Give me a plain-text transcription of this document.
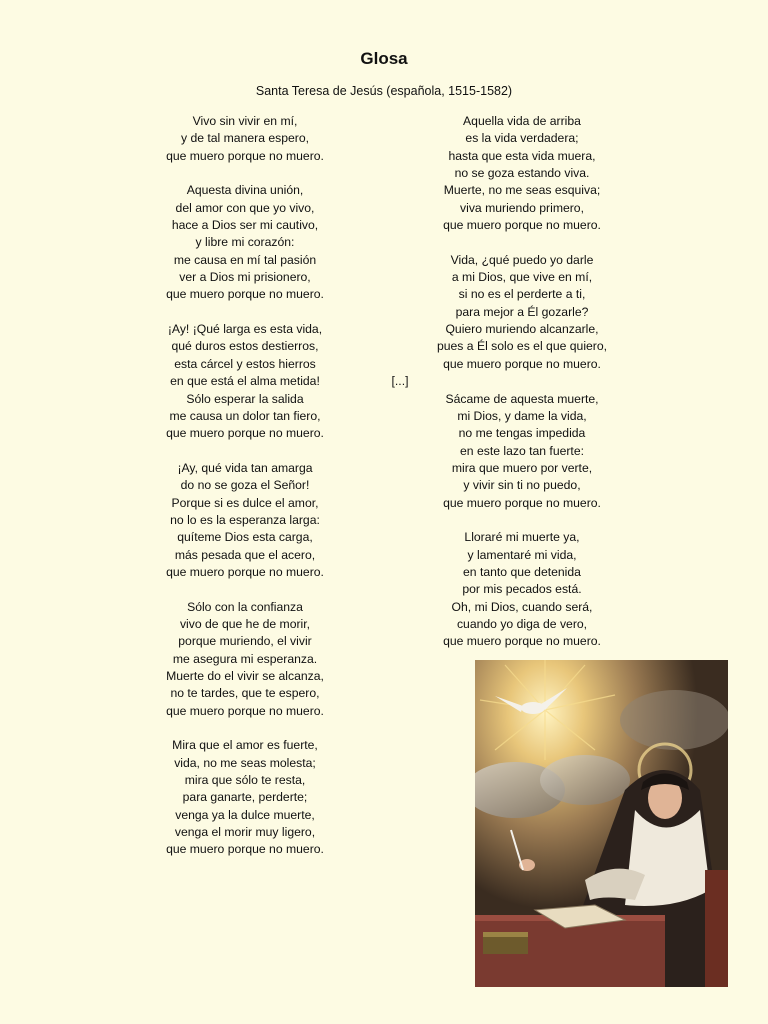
Glosa
Santa Teresa de Jesús (española, 1515-1582)
Vivo sin vivir en mí,
y de tal manera espero,
que muero porque no muero.
Aquesta divina unión,
del amor con que yo vivo,
hace a Dios ser mi cautivo,
y libre mi corazón:
me causa en mí tal pasión
ver a Dios mi prisionero,
que muero porque no muero.
¡Ay! ¡Qué larga es esta vida,
qué duros estos destierros,
esta cárcel y estos hierros
en que está el alma metida!
Sólo esperar la salida
me causa un dolor tan fiero,
que muero porque no muero.
¡Ay, qué vida tan amarga
do no se goza el Señor!
Porque si es dulce el amor,
no lo es la esperanza larga:
quíteme Dios esta carga,
más pesada que el acero,
que muero porque no muero.
Sólo con la confianza
vivo de que he de morir,
porque muriendo, el vivir
me asegura mi esperanza.
Muerte do el vivir se alcanza,
no te tardes, que te espero,
que muero porque no muero.
Mira que el amor es fuerte,
vida, no me seas molesta;
mira que sólo te resta,
para ganarte, perderte;
venga ya la dulce muerte,
venga el morir muy ligero,
que muero porque no muero.
[...]
Aquella vida de arriba
es la vida verdadera;
hasta que esta vida muera,
no se goza estando viva.
Muerte, no me seas esquiva;
viva muriendo primero,
que muero porque no muero.
Vida, ¿qué puedo yo darle
a mi Dios, que vive en mí,
si no es el perderte a ti,
para mejor a Él gozarle?
Quiero muriendo alcanzarle,
pues a Él solo es el que quiero,
que muero porque no muero.
Sácame de aquesta muerte,
mi Dios, y dame la vida,
no me tengas impedida
en este lazo tan fuerte:
mira que muero por verte,
y vivir sin ti no puedo,
que muero porque no muero.
Lloraré mi muerte ya,
y lamentaré mi vida,
en tanto que detenida
por mis pecados está.
Oh, mi Dios, cuando será,
cuando yo diga de vero,
que muero porque no muero.
